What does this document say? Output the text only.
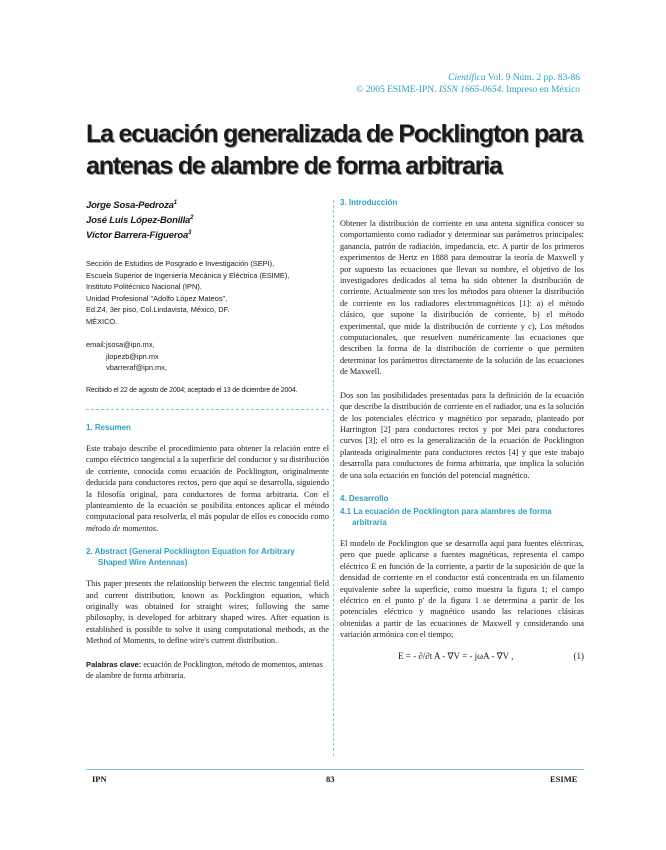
Científica Vol. 9 Núm. 2 pp. 83-86
© 2005 ESIME-IPN. ISSN 1665-0654. Impreso en México
La ecuación generalizada de Pocklington para
antenas de alambre de forma arbitraria
Jorge Sosa-Pedroza$^1$
José Luis López-Bonilla$^2$
Víctor Barrera-Figueroa$^3$
Sección de Estudios de Posgrado e Investigación (SEPI),
Escuela Superior de Ingeniería Mecánica y Eléctrica (ESIME),
Instituto Politécnico Nacional (IPN).
Unidad Profesional "Adolfo López Mateos",
Ed.Z4, 3er piso, Col.Lindavista, México, DF.
MÉXICO.
email: jsosa@ipn.mx,
jlopezb@ipn.mx
vbarreraf@ipn.mx,
Recibido el 22 de agosto de 2004; aceptado el 13 de diciembre de 2004.
1. Resumen

Este trabajo describe el procedimiento para obtener la relación entre el campo eléctrico tangencial a la superficie del conductor y su distribución de corriente, conocida como ecuación de Pocklington, originalmente deducida para conductores rectos, pero que aquí se desarrolla, siguiendo la filosofía original, para conductores de forma arbitraria. Con el planteamiento de la ecuación se posibilita entonces aplicar el método computacional para resolverla, el más popular de ellos es conocido como método de momentos.

2. Abstract (General Pocklington Equation for Arbitrary
Shaped Wire Antennas)

This paper presents the relationship between the electric tangential field and current distribution, known as Pocklington equation, which originally was obtained for straight wires; following the same philosophy, is developed for arbitrary shaped wires. After equation is established is possible to solve it using computational methods, as the Method of Moments, to define wire's current distribution.

Palabras clave: ecuación de Pocklington, método de momentos, antenas de alambre de forma arbitraria.
3. Introducción

Obtener la distribución de corriente en una antena significa conocer su comportamiento como radiador y determinar sus parámetros principales: ganancia, patrón de radiación, impedancia, etc. A partir de los primeros experimentos de Hertz en 1888 para demostrar la teoría de Maxwell y por supuesto las ecuaciones que llevan su nombre, el objetivo de los investigadores dedicados al tema ha sido obtener la distribución de corriente. Actualmente son tres los métodos para obtener la distribución de corriente en los radiadores electromagnéticos [1]: a) el método clásico, que supone la distribución de corriente, b) el método experimental, que mide la distribución de corriente y c), Los métodos computacionales, que resuelven numéricamente las ecuaciones que describen la forma de la distribución de corriente o que permiten determinar los parámetros directamente de la solución de las ecuaciones de Maxwell.

Dos son las posibilidades presentadas para la definición de la ecuación que describe la distribución de corriente en el radiador, una es la solución de los potenciales eléctrico y magnético por separado, planteado por Harrington [2] para conductores rectos y por Mei para conductores curvos [3]; el otro es la generalización de la ecuación de Pocklington planteada originalmente para conductores rectos [4] y que este trabajo desarrolla para conductores de forma arbitraria, que implica la solución de una sola ecuación en función del potencial magnético.

4. Desarrollo
4.1 La ecuación de Pocklington para alambres de forma
arbitraria

El modelo de Pocklington que se desarrolla aquí para fuentes eléctricas, pero que puede aplicarse a fuentes magnéticas, representa el campo eléctrico E en función de la corriente, a partir de la suposición de que la densidad de corriente en el conductor está concentrada en un filamento equivalente sobre la superficie, como muestra la figura 1; el campo eléctrico en el punto p' de la figura 1 se determina a partir de los potenciales eléctrico y magnético usando las relaciones clásicas obtenidas a partir de las ecuaciones de Maxwell y considerando una variación armónica con el tiempo;

E = - ∂/∂t A - ∇V = - jωA - ∇V ,	(1)
IPN	83	ESIME
